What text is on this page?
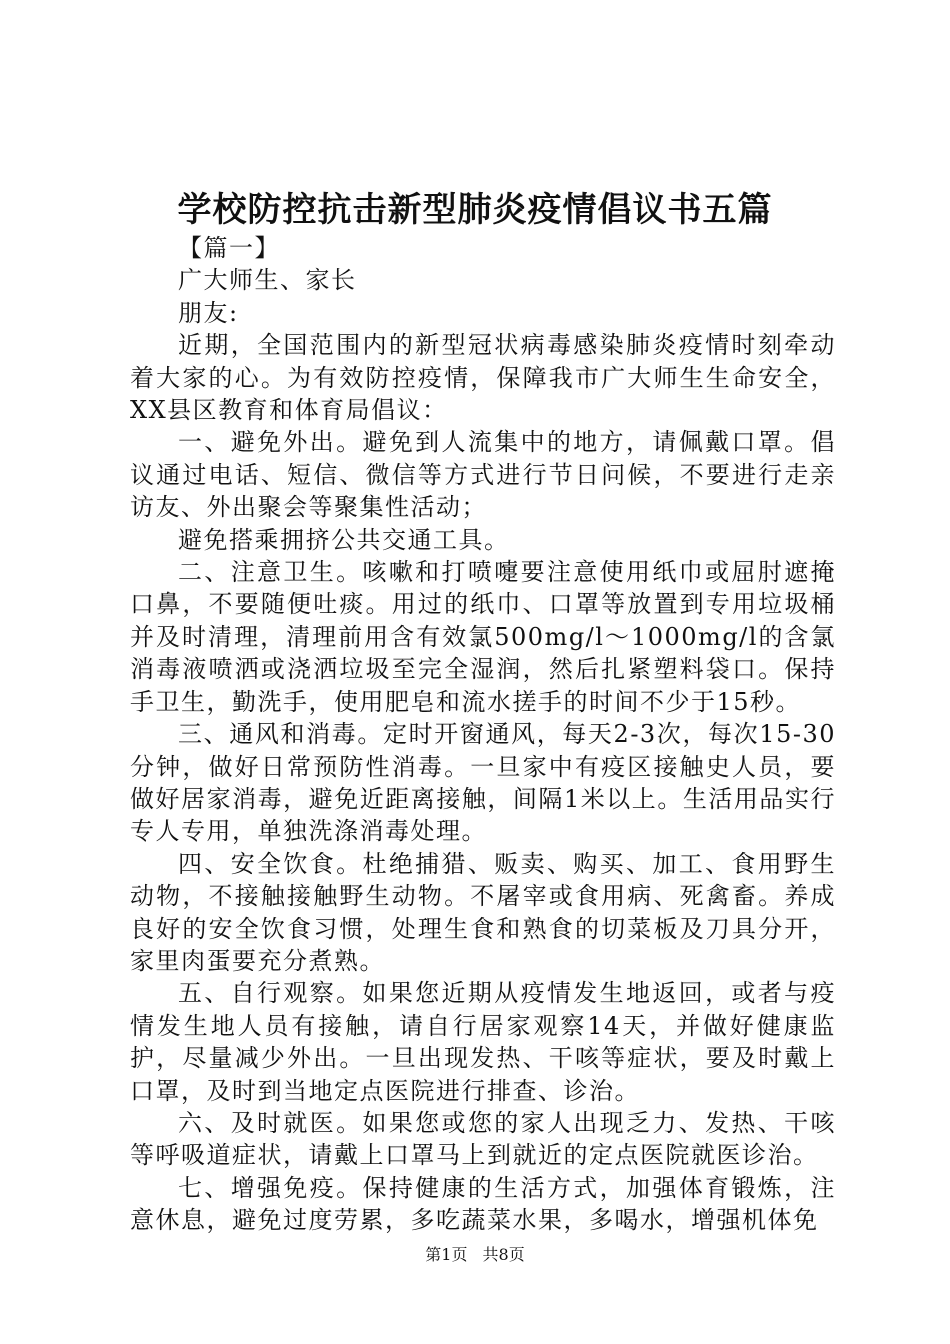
学校防控抗击新型肺炎疫情倡议书五篇

【篇一】

广大师生、家长

朋友:

近期，全国范围内的新型冠状病毒感染肺炎疫情时刻牵动着大家的心。为有效防控疫情，保障我市广大师生生命安全，XX县区教育和体育局倡议：

一、避免外出。避免到人流集中的地方，请佩戴口罩。倡议通过电话、短信、微信等方式进行节日问候，不要进行走亲访友、外出聚会等聚集性活动；

避免搭乘拥挤公共交通工具。

二、注意卫生。咳嗽和打喷嚏要注意使用纸巾或屈肘遮掩口鼻，不要随便吐痰。用过的纸巾、口罩等放置到专用垃圾桶并及时清理，清理前用含有效氯500mg/l～1000mg/l的含氯消毒液喷洒或浇洒垃圾至完全湿润，然后扎紧塑料袋口。保持手卫生，勤洗手，使用肥皂和流水搓手的时间不少于15秒。

三、通风和消毒。定时开窗通风，每天2-3次，每次15-30分钟，做好日常预防性消毒。一旦家中有疫区接触史人员，要做好居家消毒，避免近距离接触，间隔1米以上。生活用品实行专人专用，单独洗涤消毒处理。

四、安全饮食。杜绝捕猎、贩卖、购买、加工、食用野生动物，不接触接触野生动物。不屠宰或食用病、死禽畜。养成良好的安全饮食习惯，处理生食和熟食的切菜板及刀具分开，家里肉蛋要充分煮熟。

五、自行观察。如果您近期从疫情发生地返回，或者与疫情发生地人员有接触，请自行居家观察14天，并做好健康监护，尽量减少外出。一旦出现发热、干咳等症状，要及时戴上口罩，及时到当地定点医院进行排查、诊治。

六、及时就医。如果您或您的家人出现乏力、发热、干咳等呼吸道症状，请戴上口罩马上到就近的定点医院就医诊治。

七、增强免疫。保持健康的生活方式，加强体育锻炼，注意休息，避免过度劳累，多吃蔬菜水果，多喝水，增强机体免

第1页 共8页
